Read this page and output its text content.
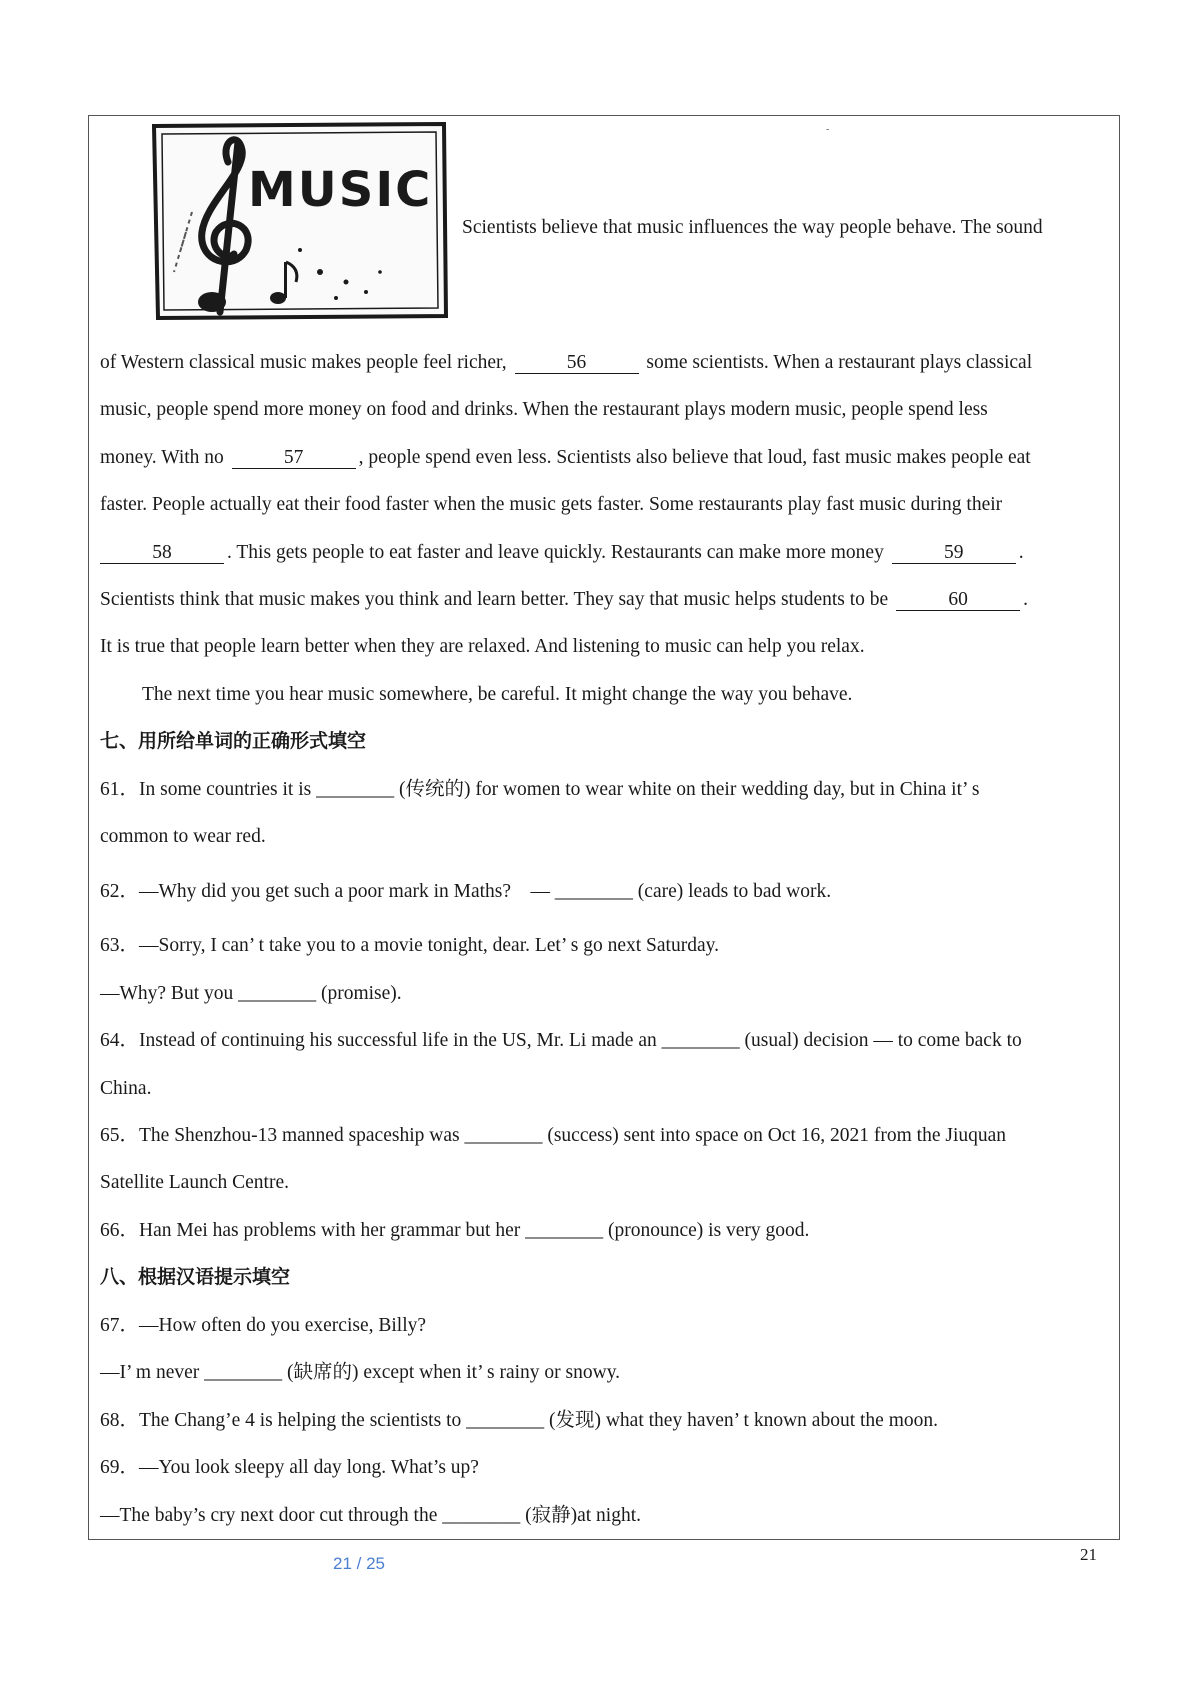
-
MUSIC
Scientists believe that music influences the way people behave. The sound
of Western classical music makes people feel richer,	56	some scientists. When a restaurant plays classical
music, people spend more money on food and drinks. When the restaurant plays modern music, people spend less
money. With no	57	, people spend even less. Scientists also believe that loud, fast music makes people eat
faster. People actually eat their food faster when the music gets faster. Some restaurants play fast music during their
58	. This gets people to eat faster and leave quickly. Restaurants can make more money	59	.
Scientists think that music makes you think and learn better. They say that music helps students to be	60	.
It is true that people learn better when they are relaxed. And listening to music can help you relax.
The next time you hear music somewhere, be careful. It might change the way you behave.
七、用所给单词的正确形式填空
61．In some countries it is ________ (传统的) for women to wear white on their wedding day, but in China it’ s
common to wear red.
62．—Why did you get such a poor mark in Maths?　— ________ (care) leads to bad work.
63．—Sorry, I can’ t take you to a movie tonight, dear. Let’ s go next Saturday.
—Why? But you ________ (promise).
64．Instead of continuing his successful life in the US, Mr. Li made an ________ (usual) decision — to come back to
China.
65．The Shenzhou-13 manned spaceship was ________ (success) sent into space on Oct 16, 2021 from the Jiuquan
Satellite Launch Centre.
66．Han Mei has problems with her grammar but her ________ (pronounce) is very good.
八、根据汉语提示填空
67．—How often do you exercise, Billy?
—I’ m never ________ (缺席的) except when it’ s rainy or snowy.
68．The Chang’e 4 is helping the scientists to ________ (发现) what they haven’ t known about the moon.
69．—You look sleepy all day long. What’s up?
—The baby’s cry next door cut through the ________ (寂静)at night.
21 / 25	21
